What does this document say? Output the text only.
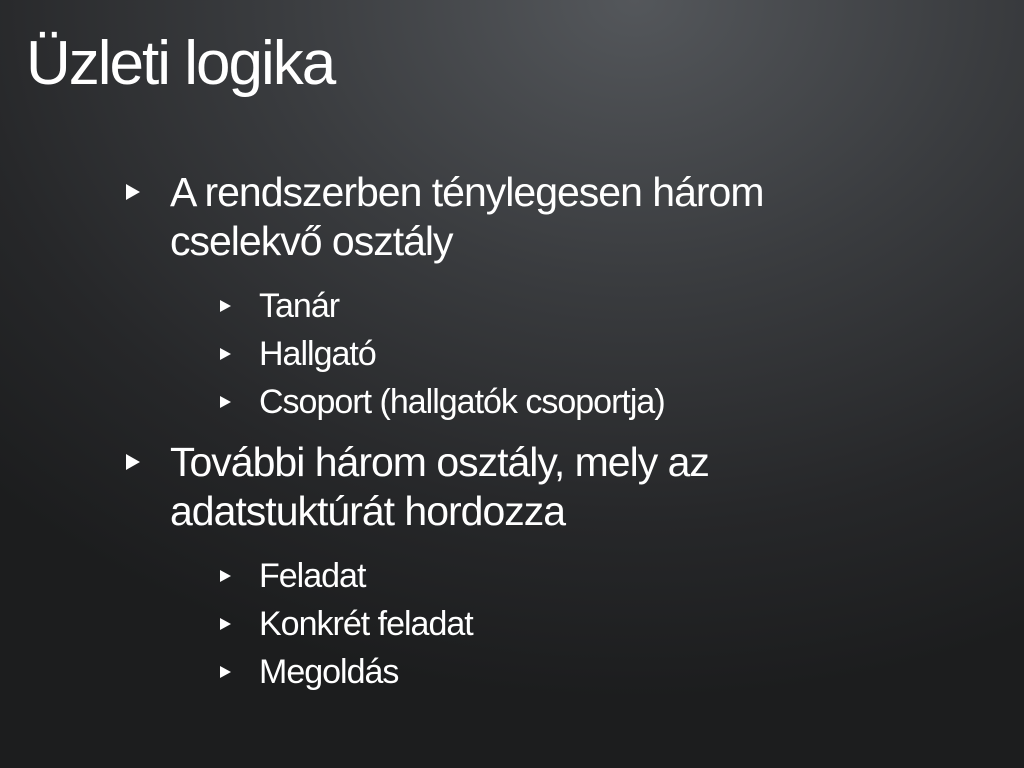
Üzleti logika
A rendszerben ténylegesen három cselekvő osztály
Tanár
Hallgató
Csoport (hallgatók csoportja)
További három osztály, mely az adatstuktúrát hordozza
Feladat
Konkrét feladat
Megoldás
